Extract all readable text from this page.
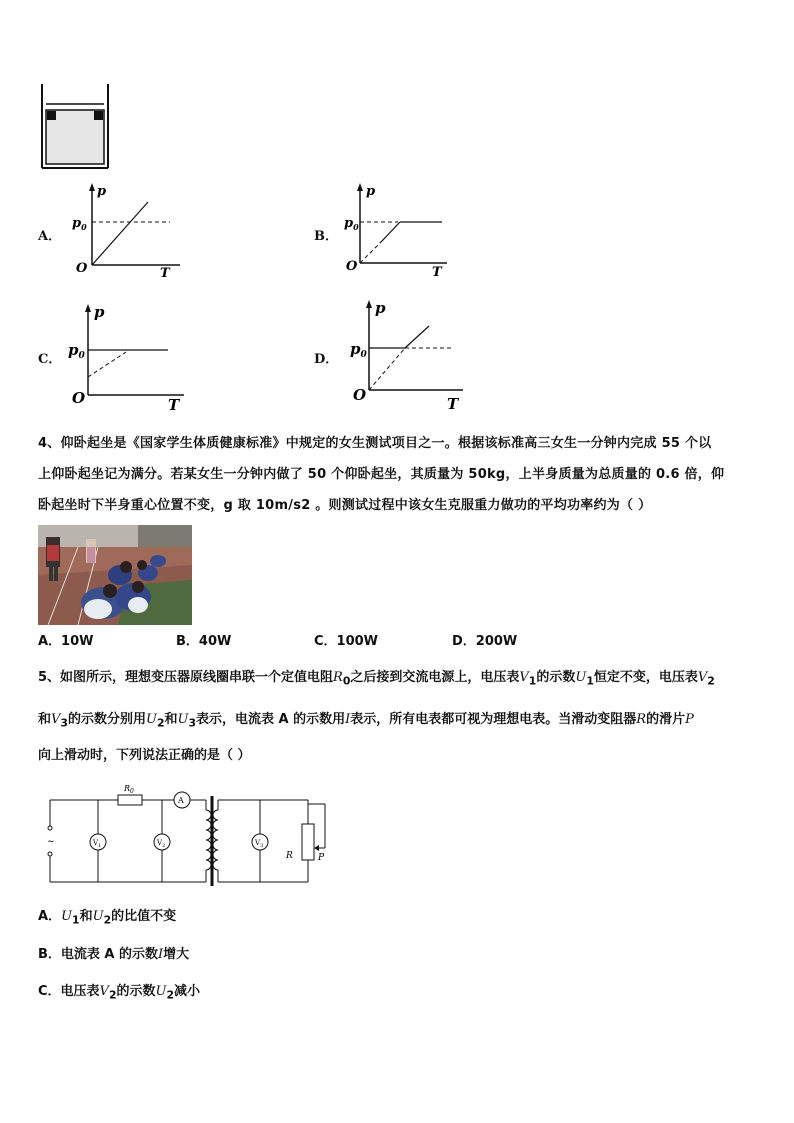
A．
p
$p_0$
O	T
B．
p
$p_0$
O	T
C．
p
$p_0$
O	T
D．
p
$p_0$
O	T
4、仰卧起坐是《国家学生体质健康标准》中规定的女生测试项目之一。根据该标准高三女生一分钟内完成 55 个以
上仰卧起坐记为满分。若某女生一分钟内做了 50 个仰卧起坐，其质量为 50kg，上半身质量为总质量的 0.6 倍，仰
卧起坐时下半身重心位置不变，g 取 10m/s2 。则测试过程中该女生克服重力做功的平均功率约为（ ）
A．10W	B．40W	C．100W	D．200W
5、如图所示，理想变压器原线圈串联一个定值电阻$R_0$之后接到交流电源上，电压表$V_1$的示数$U_1$恒定不变，电压表$V_2$
和$V_3$的示数分别用$U_2$和$U_3$表示，电流表 A 的示数用I表示，所有电表都可视为理想电表。当滑动变阻器R的滑片P
向上滑动时，下列说法正确的是（ ）
$R_0$
A
$V_1$	$V_2$	$V_3$
~
R	P
A．$U_1$和$U_2$的比值不变
B．电流表 A 的示数I增大
C．电压表$V_2$的示数$U_2$减小
